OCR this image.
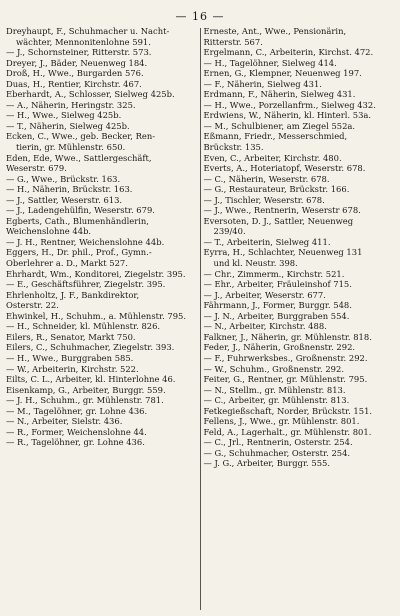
— 16 —
Dreyhaupt, F., Schuhmacher u. Nacht-
wächter, Mennonitenlohne 591.
— J., Schornsteiner, Ritterstr. 573.
Dreyer, J., Bäder, Neuenweg 184.
Droß, H., Wwe., Burgarden 576.
Duas, H., Rentier, Kirchstr. 467.
Eberhardt, A., Schlosser, Sielweg 425b.
— A., Näherin, Heringstr. 325.
— H., Wwe., Sielweg 425b.
— T., Näherin, Sielweg 425b.
Ecken, C., Wwe., geb. Becker, Ren-
tierin, gr. Mühlenstr. 650.
Eden, Ede, Wwe., Sattlergeschäft,
Weserstr. 679.
— G., Wwe., Brückstr. 163.
— H., Näherin, Brückstr. 163.
— J., Sattler, Weserstr. 613.
— J., Ladengehülfin, Weserstr. 679.
Egberts, Cath., Blumenhändlerin,
Weichenslohne 44b.
— J. H., Rentner, Weichenslohne 44b.
Eggers, H., Dr. phil., Prof., Gymn.-
Oberlehrer a. D., Markt 527.
Ehrhardt, Wm., Konditorei, Ziegelstr. 395.
— E., Geschäftsführer, Ziegelstr. 395.
Ehrlenholtz, J. F., Bankdirektor,
Osterstr. 22.
Ehwinkel, H., Schuhm., a. Mühlenstr. 795.
— H., Schneider, kl. Mühlenstr. 826.
Eilers, R., Senator, Markt 750.
Eilers, C., Schuhmacher, Ziegelstr. 393.
— H., Wwe., Burggraben 585.
— W., Arbeiterin, Kirchstr. 522.
Eilts, C. L., Arbeiter, kl. Hinterlohne 46.
Eisenkamp, G., Arbeiter, Burggr. 559.
— J. H., Schuhm., gr. Mühlenstr. 781.
— M., Tagelöhner, gr. Lohne 436.
— N., Arbeiter, Sielstr. 436.
— R., Former, Weichenslohne 44.
— R., Tagelöhner, gr. Lohne 436.
Erneste, Ant., Wwe., Pensionärin,
Ritterstr. 567.
Ergelmann, C., Arbeiterin, Kirchst. 472.
— H., Tagelöhner, Sielweg 414.
Ernen, G., Klempner, Neuenweg 197.
— F., Näherin, Sielweg 431.
Erdmann, F., Näherin, Sielweg 431.
— H., Wwe., Porzellanfrm., Sielweg 432.
Erdwiens, W., Näherin, kl. Hinterl. 53a.
— M., Schulbiener, am Ziegel 552a.
Eßmann, Friedr., Messerschmied,
Brückstr. 135.
Even, C., Arbeiter, Kirchstr. 480.
Everts, A., Hoteriatopf, Weserstr. 678.
— C., Näherin, Weserstr. 678.
— G., Restaurateur, Brückstr. 166.
— J., Tischler, Weserstr. 678.
— J., Wwe., Rentnerin, Weserstr 678.
Eversoten, D. J., Sattler, Neuenweg
239/40.
— T., Arbeiterin, Sielweg 411.
Eyrra, H., Schlachter, Neuenweg 131
und kl. Neustr. 398.
— Chr., Zimmerm., Kirchstr. 521.
— Ehr., Arbeiter, Fräuleinshof 715.
— J., Arbeiter, Weserstr. 677.
Fährmann, J., Former, Burggr. 548.
— J. N., Arbeiter, Burggraben 554.
— N., Arbeiter, Kirchstr. 488.
Falkner, J., Näherin, gr. Mühlenstr. 818.
Feder, J., Näherin, Großnenstr. 292.
— F., Fuhrwerksbes., Großnenstr. 292.
— W., Schuhm., Großnenstr. 292.
Feiter, G., Rentner, gr. Mühlenstr. 795.
— N., Stellm., gr. Mühlenstr. 813.
— C., Arbeiter, gr. Mühlenstr. 813.
Fetkegießschaft, Norder, Brückstr. 151.
Fellens, J., Wwe., gr. Mühlenstr. 801.
Feld, A., Lagerhalt., gr. Mühlenstr. 801.
— C., Jrl., Rentnerin, Osterstr. 254.
— G., Schuhmacher, Osterstr. 254.
— J. G., Arbeiter, Burggr. 555.
